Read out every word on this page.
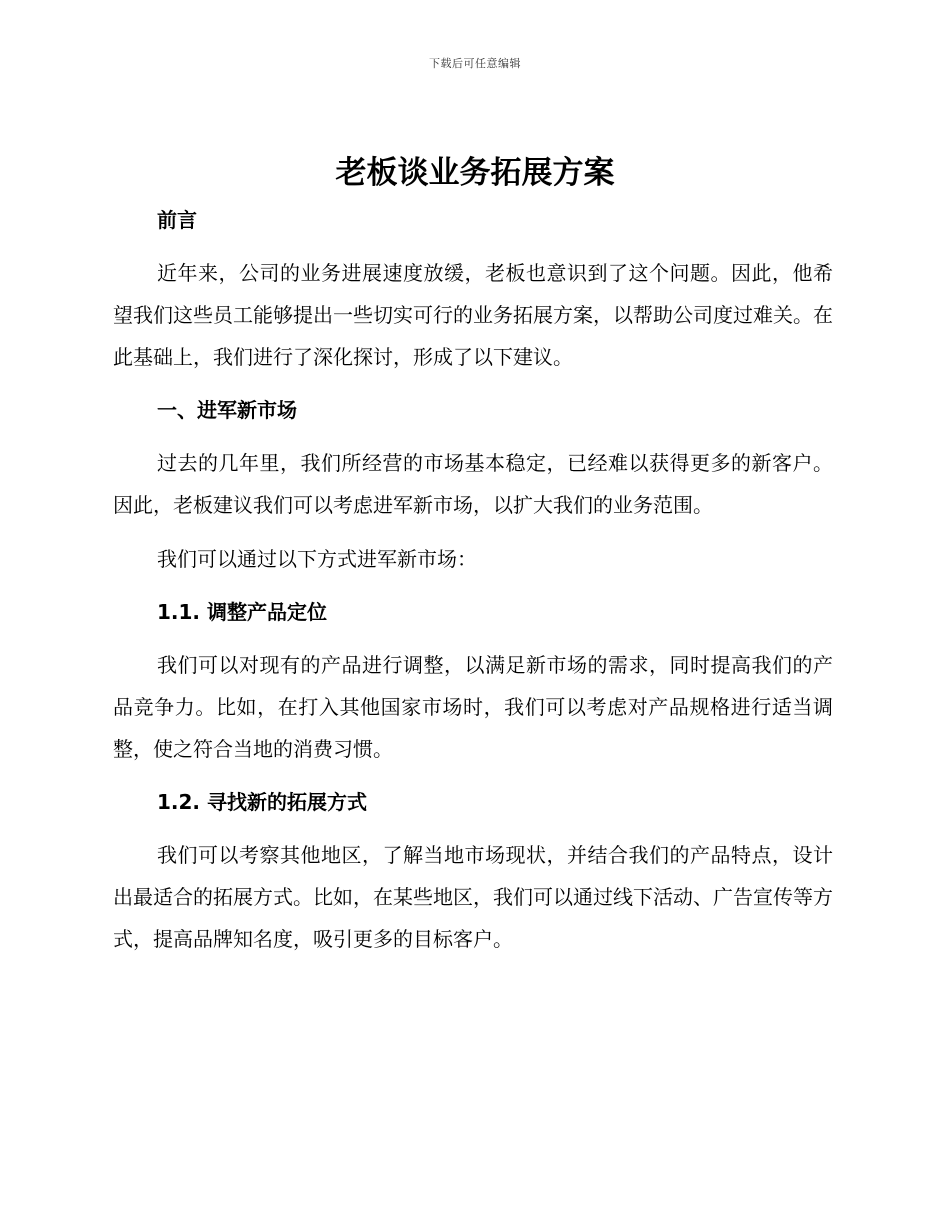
下载后可任意编辑
老板谈业务拓展方案
前言

近年来，公司的业务进展速度放缓，老板也意识到了这个问题。因此，他希望我们这些员工能够提出一些切实可行的业务拓展方案，以帮助公司度过难关。在此基础上，我们进行了深化探讨，形成了以下建议。

一、进军新市场

过去的几年里，我们所经营的市场基本稳定，已经难以获得更多的新客户。因此，老板建议我们可以考虑进军新市场，以扩大我们的业务范围。

我们可以通过以下方式进军新市场：

1.1. 调整产品定位

我们可以对现有的产品进行调整，以满足新市场的需求，同时提高我们的产品竞争力。比如，在打入其他国家市场时，我们可以考虑对产品规格进行适当调整，使之符合当地的消费习惯。

1.2. 寻找新的拓展方式

我们可以考察其他地区，了解当地市场现状，并结合我们的产品特点，设计出最适合的拓展方式。比如，在某些地区，我们可以通过线下活动、广告宣传等方式，提高品牌知名度，吸引更多的目标客户。
